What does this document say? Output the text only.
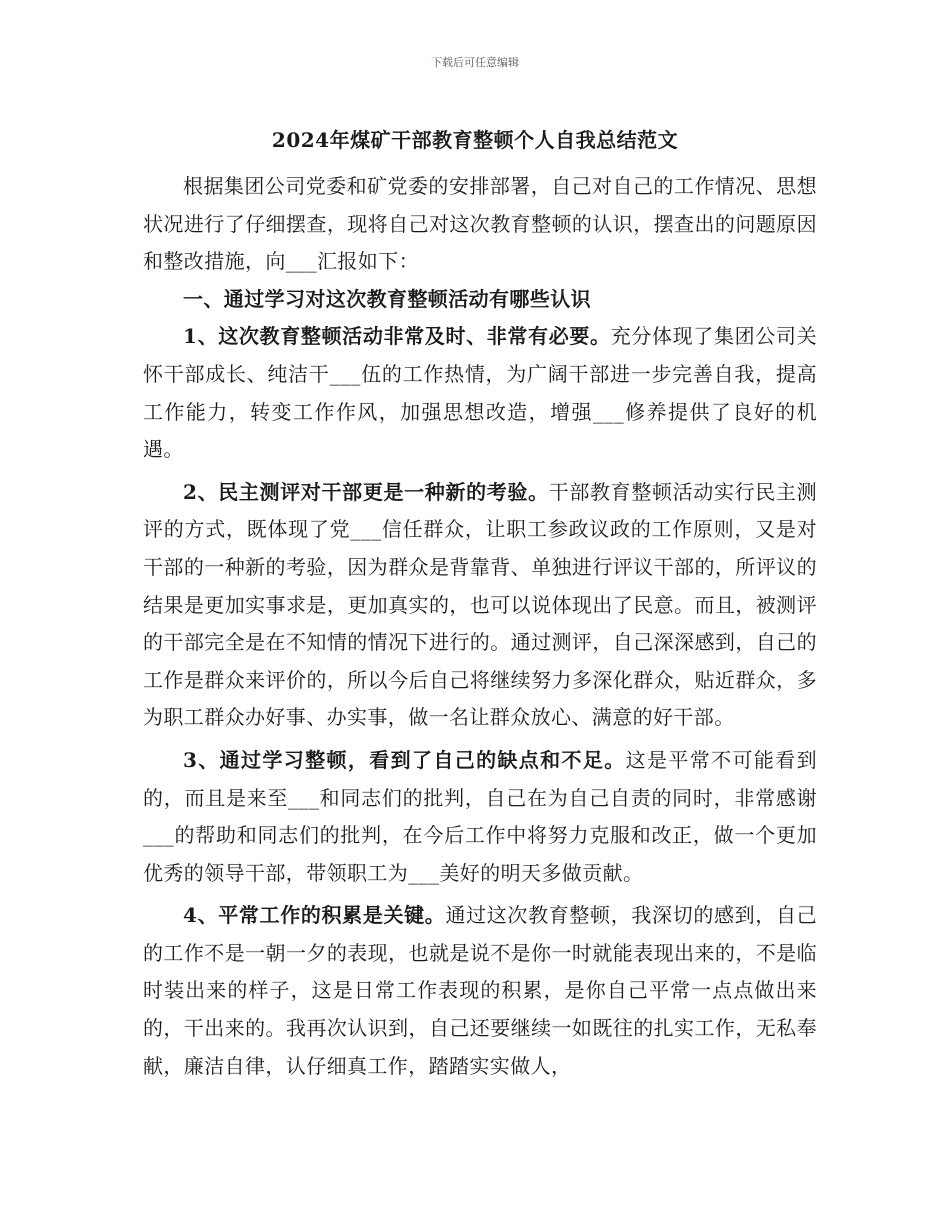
下载后可任意编辑
2024年煤矿干部教育整顿个人自我总结范文

根据集团公司党委和矿党委的安排部署，自己对自己的工作情况、思想状况进行了仔细摆查，现将自己对这次教育整顿的认识，摆查出的问题原因和整改措施，向___汇报如下：

一、通过学习对这次教育整顿活动有哪些认识

1、这次教育整顿活动非常及时、非常有必要。充分体现了集团公司关怀干部成长、纯洁干___伍的工作热情，为广阔干部进一步完善自我，提高工作能力，转变工作作风，加强思想改造，增强___修养提供了良好的机遇。

2、民主测评对干部更是一种新的考验。干部教育整顿活动实行民主测评的方式，既体现了党___信任群众，让职工参政议政的工作原则，又是对干部的一种新的考验，因为群众是背靠背、单独进行评议干部的，所评议的结果是更加实事求是，更加真实的，也可以说体现出了民意。而且，被测评的干部完全是在不知情的情况下进行的。通过测评，自己深深感到，自己的工作是群众来评价的，所以今后自己将继续努力多深化群众，贴近群众，多为职工群众办好事、办实事，做一名让群众放心、满意的好干部。

3、通过学习整顿，看到了自己的缺点和不足。这是平常不可能看到的，而且是来至___和同志们的批判，自己在为自己自责的同时，非常感谢___的帮助和同志们的批判，在今后工作中将努力克服和改正，做一个更加优秀的领导干部，带领职工为___美好的明天多做贡献。

4、平常工作的积累是关键。通过这次教育整顿，我深切的感到，自己的工作不是一朝一夕的表现，也就是说不是你一时就能表现出来的，不是临时装出来的样子，这是日常工作表现的积累，是你自己平常一点点做出来的，干出来的。我再次认识到，自己还要继续一如既往的扎实工作，无私奉献，廉洁自律，认仔细真工作，踏踏实实做人，
